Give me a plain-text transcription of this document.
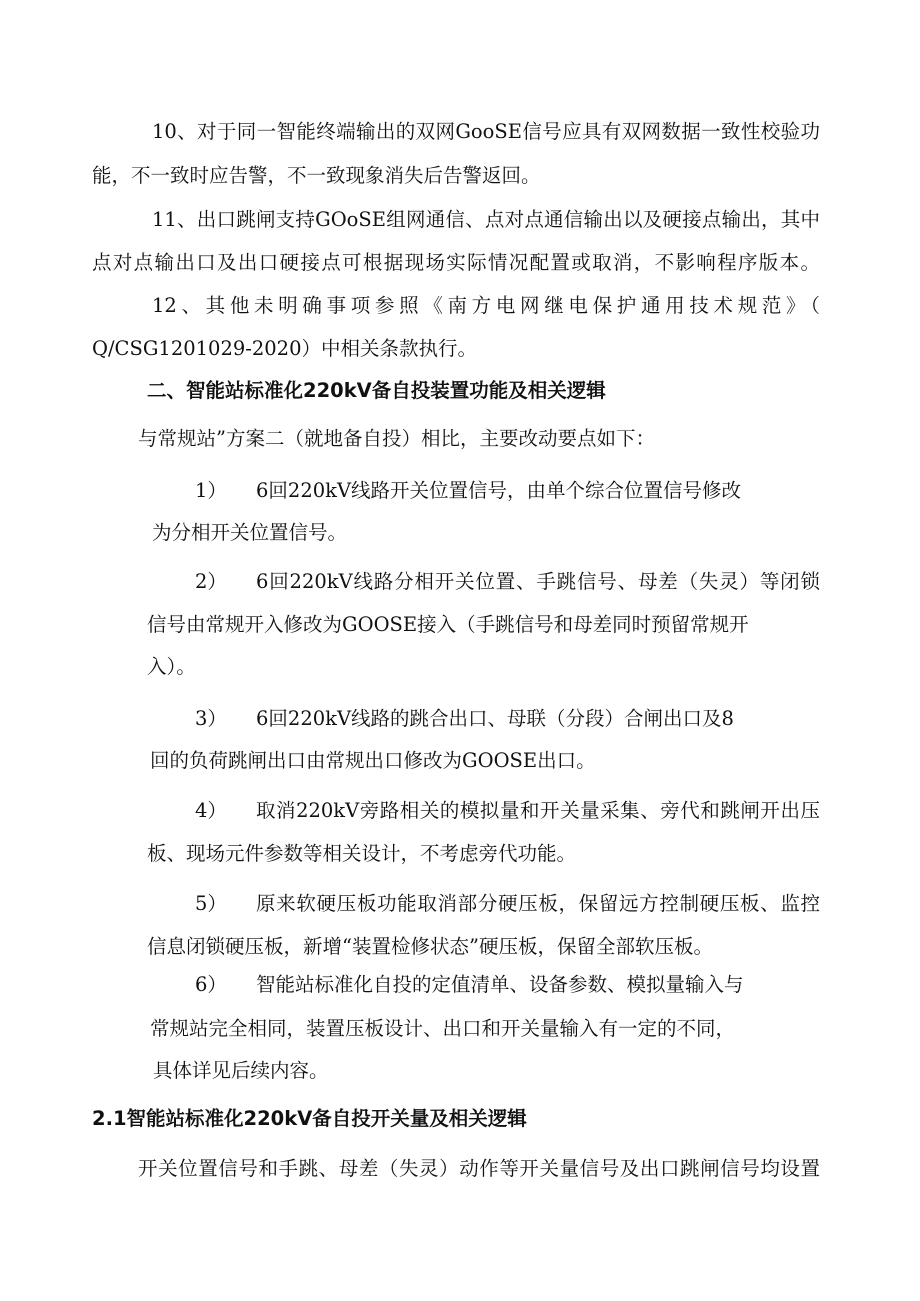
10、对于同一智能终端输出的双网GooSE信号应具有双网数据一致性校验功
能，不一致时应告警，不一致现象消失后告警返回。
11、出口跳闸支持GOoSE组网通信、点对点通信输出以及硬接点输出，其中
点对点输出口及出口硬接点可根据现场实际情况配置或取消，不影响程序版本。
12、其他未明确事项参照《南方电网继电保护通用技术规范》（
Q/CSG1201029-2020）中相关条款执行。
二、智能站标准化220kV备自投装置功能及相关逻辑
与常规站”方案二（就地备自投）相比，主要改动要点如下：
1） 6回220kV线路开关位置信号，由单个综合位置信号修改
为分相开关位置信号。
2） 6回220kV线路分相开关位置、手跳信号、母差（失灵）等闭锁
信号由常规开入修改为GOOSE接入（手跳信号和母差同时预留常规开
入）。
3） 6回220kV线路的跳合出口、母联（分段）合闸出口及8
回的负荷跳闸出口由常规出口修改为GOOSE出口。
4） 取消220kV旁路相关的模拟量和开关量采集、旁代和跳闸开出压
板、现场元件参数等相关设计，不考虑旁代功能。
5） 原来软硬压板功能取消部分硬压板，保留远方控制硬压板、监控
信息闭锁硬压板，新增“装置检修状态”硬压板，保留全部软压板。
6） 智能站标准化自投的定值清单、设备参数、模拟量输入与
常规站完全相同，装置压板设计、出口和开关量输入有一定的不同，
具体详见后续内容。
2.1智能站标准化220kV备自投开关量及相关逻辑
开关位置信号和手跳、母差（失灵）动作等开关量信号及出口跳闸信号均设置
